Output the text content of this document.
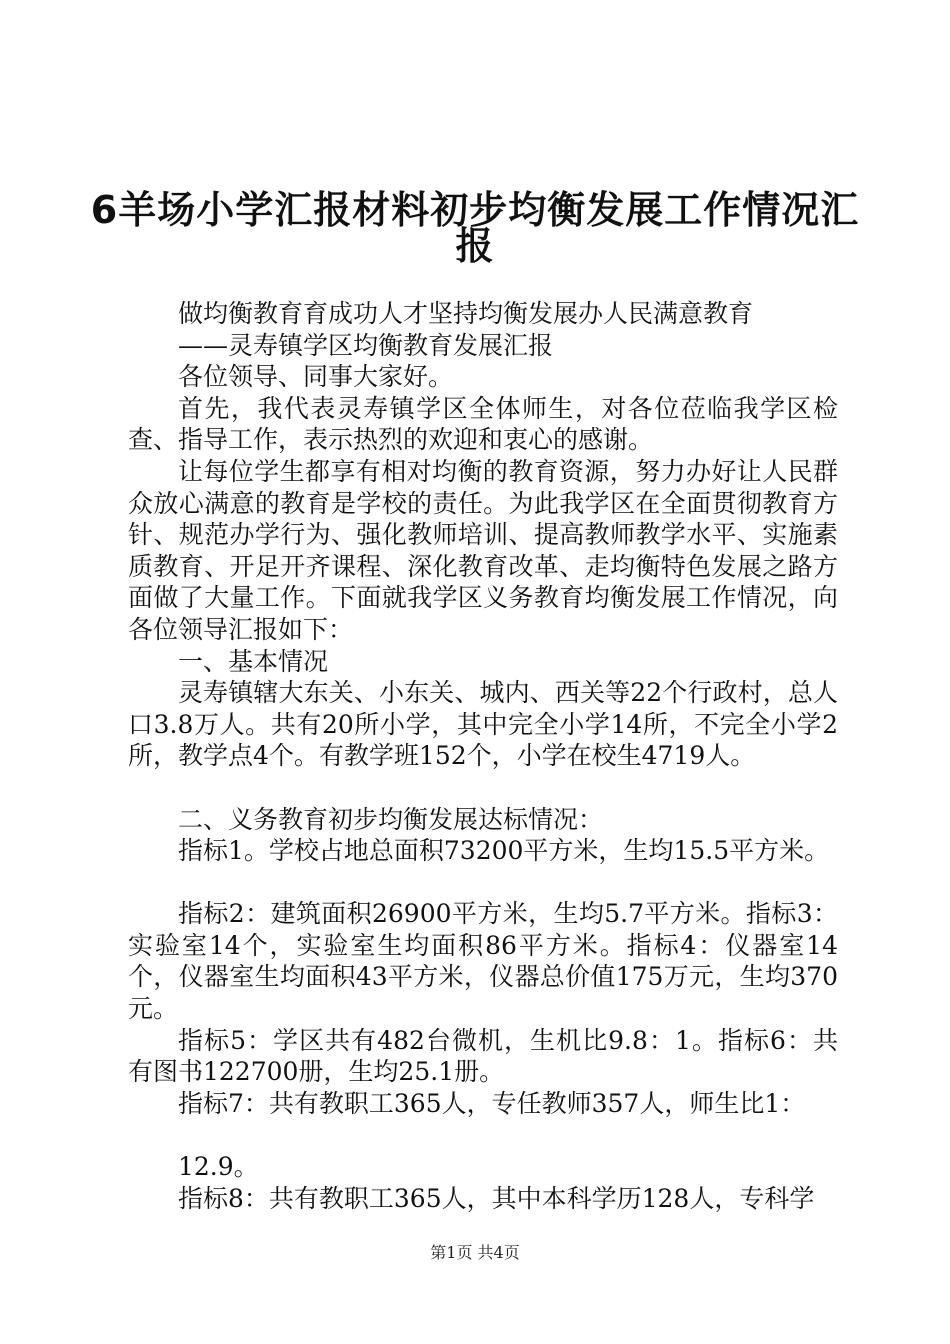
6羊场小学汇报材料初步均衡发展工作情况汇
报

做均衡教育育成功人才坚持均衡发展办人民满意教育

——灵寿镇学区均衡教育发展汇报

各位领导、同事大家好。

首先，我代表灵寿镇学区全体师生，对各位莅临我学区检查、指导工作，表示热烈的欢迎和衷心的感谢。

让每位学生都享有相对均衡的教育资源，努力办好让人民群众放心满意的教育是学校的责任。为此我学区在全面贯彻教育方针、规范办学行为、强化教师培训、提高教师教学水平、实施素质教育、开足开齐课程、深化教育改革、走均衡特色发展之路方面做了大量工作。下面就我学区义务教育均衡发展工作情况，向各位领导汇报如下：

一、基本情况

灵寿镇辖大东关、小东关、城内、西关等22个行政村，总人口3.8万人。共有20所小学，其中完全小学14所，不完全小学2所，教学点4个。有教学班152个，小学在校生4719人。

二、义务教育初步均衡发展达标情况：

指标1。学校占地总面积73200平方米，生均15.5平方米。

指标2：建筑面积26900平方米，生均5.7平方米。指标3：实验室14个，实验室生均面积86平方米。指标4：仪器室14个，仪器室生均面积43平方米，仪器总价值175万元，生均370元。

指标5：学区共有482台微机，生机比9.8：1。指标6：共有图书122700册，生均25.1册。

指标7：共有教职工365人，专任教师357人，师生比1：

12.9。

指标8：共有教职工365人，其中本科学历128人，专科学

第1页 共4页
